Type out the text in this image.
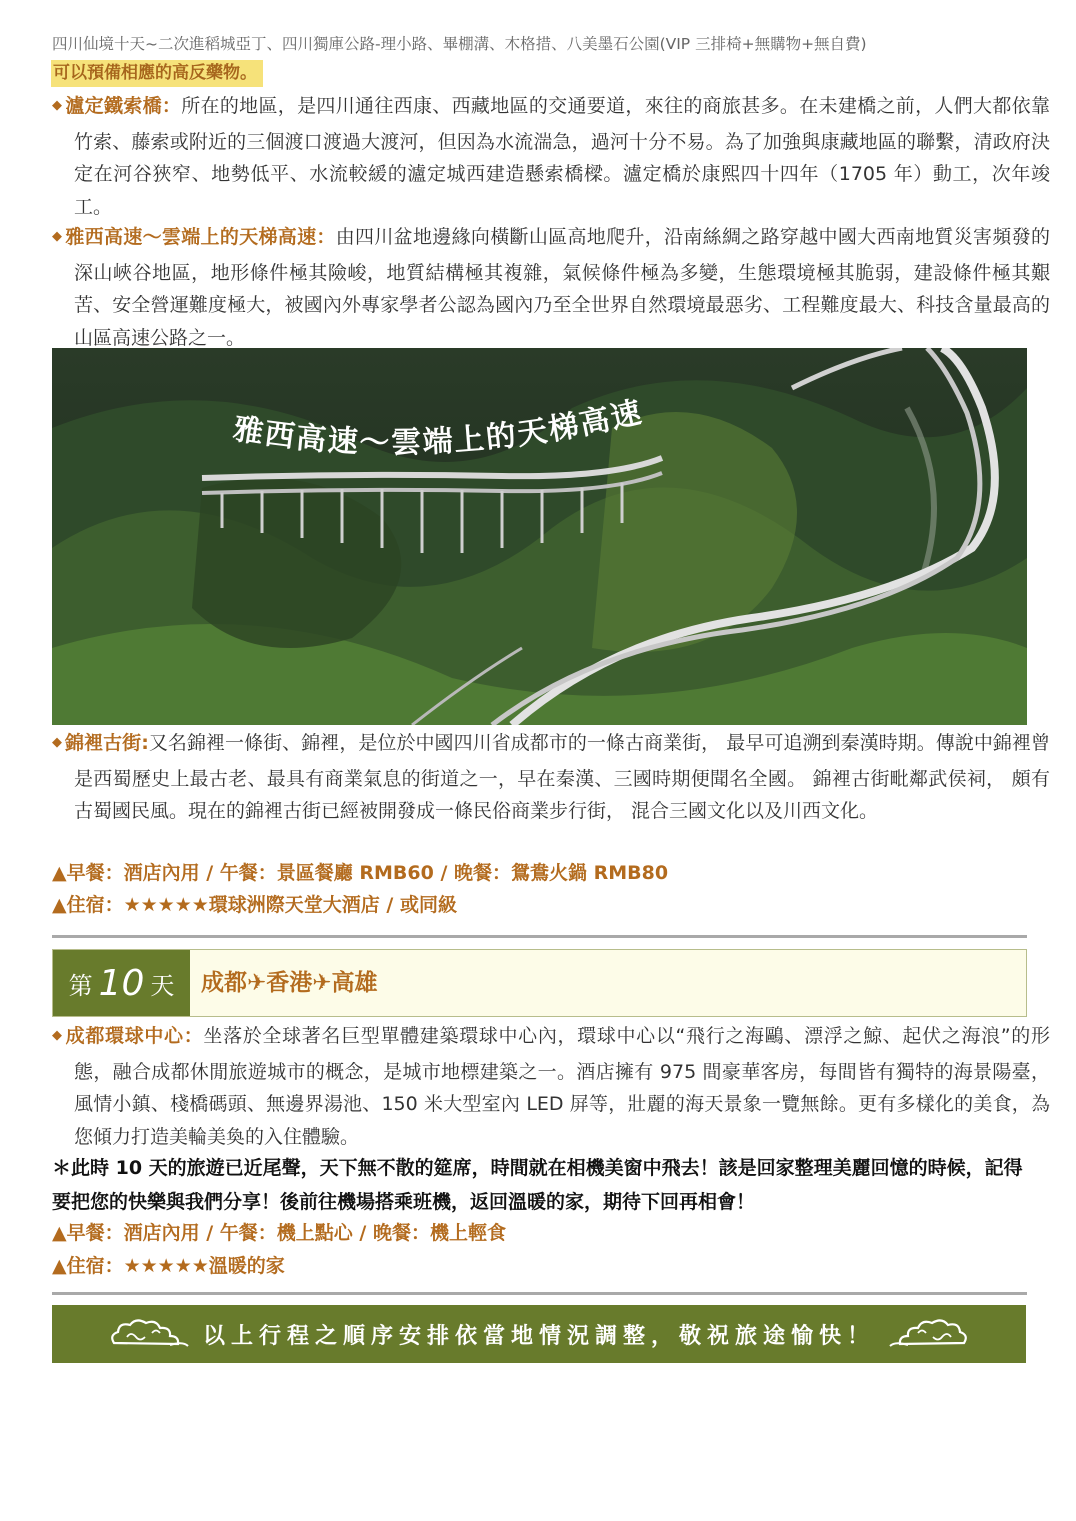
四川仙境十天~二次進稻城亞丁、四川獨庫公路-理小路、畢棚溝、木格措、八美墨石公園(VIP 三排椅+無購物+無自費)
可以預備相應的高反藥物。
◆ 瀘定鐵索橋：所在的地區，是四川通往西康、西藏地區的交通要道，來往的商旅甚多。在未建橋之前，人們大都依靠竹索、藤索或附近的三個渡口渡過大渡河，但因為水流湍急，過河十分不易。為了加強與康藏地區的聯繫，清政府決定在河谷狹窄、地勢低平、水流較緩的瀘定城西建造懸索橋樑。瀘定橋於康熙四十四年（1705 年）動工，次年竣工。
◆ 雅西高速～雲端上的天梯高速：由四川盆地邊緣向橫斷山區高地爬升，沿南絲綢之路穿越中國大西南地質災害頻發的深山峽谷地區，地形條件極其險峻，地質結構極其複雜，氣候條件極為多變，生態環境極其脆弱，建設條件極其艱苦、安全營運難度極大，被國內外專家學者公認為國內乃至全世界自然環境最惡劣、工程難度最大、科技含量最高的山區高速公路之一。
雅西高速～雲端上的天梯高速
◆ 錦裡古街:又名錦裡一條街、錦裡，是位於中國四川省成都市的一條古商業街， 最早可追溯到秦漢時期。傳說中錦裡曾是西蜀歷史上最古老、最具有商業氣息的街道之一，早在秦漢、三國時期便聞名全國。 錦裡古街毗鄰武侯祠， 頗有古蜀國民風。現在的錦裡古街已經被開發成一條民俗商業步行街， 混合三國文化以及川西文化。
▲早餐：酒店內用 / 午餐：景區餐廳 RMB60 / 晚餐：鴛鴦火鍋 RMB80
▲住宿：★★★★★環球洲際天堂大酒店 / 或同級
第 10 天 成都✈香港✈高雄
◆ 成都環球中心：坐落於全球著名巨型單體建築環球中心內，環球中心以“飛行之海鷗、漂浮之鯨、起伏之海浪”的形態，融合成都休閒旅遊城市的概念，是城市地標建築之一。酒店擁有 975 間豪華客房，每間皆有獨特的海景陽臺，風情小鎮、棧橋碼頭、無邊界湯池、150 米大型室內 LED 屏等，壯麗的海天景象一覽無餘。更有多樣化的美食，為您傾力打造美輪美奐的入住體驗。
＊此時 10 天的旅遊已近尾聲，天下無不散的筵席，時間就在相機美窗中飛去！該是回家整理美麗回憶的時候，記得要把您的快樂與我們分享！後前往機場搭乘班機，返回溫暖的家，期待下回再相會！
▲早餐：酒店內用 / 午餐：機上點心 / 晚餐：機上輕食
▲住宿：★★★★★溫暖的家
以上行程之順序安排依當地情況調整，敬祝旅途愉快！
